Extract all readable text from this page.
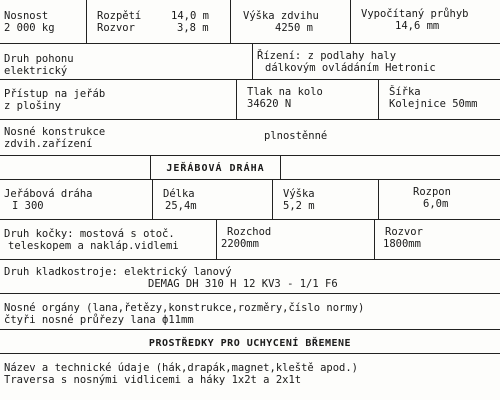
Nosnost
2 000 kg
Rozpětí	14,0 m
Rozvor	3,8 m
Výška zdvihu
4250 m
Vypočítaný průhyb
14,6 mm
Druh pohonu
elektrický
Řízení: z podlahy haly
dálkovým ovládáním Hetronic
Přístup na jeřáb
z plošiny
Tlak na kolo
34620 N
Šířka
Kolejnice 50mm
Nosné konstrukce
zdvih.zařízení
plnostěnné
JEŘÁBOVÁ DRÁHA
Jeřábová dráha
I 300
Délka
25,4m
Výška
5,2 m
Rozpon
6,0m
Druh kočky: mostová s otoč.
teleskopem a nakláp.vidlemi
Rozchod
2200mm
Rozvor
1800mm
Druh kladkostroje: elektrický lanový
DEMAG DH 310 H 12 KV3 - 1/1 F6
Nosné orgány (lana,řetězy,konstrukce,rozměry,číslo normy)
čtyři nosné průřezy lana ф11mm
PROSTŘEDKY PRO UCHYCENÍ BŘEMENE
Název a technické údaje (hák,drapák,magnet,kleště apod.)
Traversa s nosnými vidlicemi a háky 1x2t a 2x1t
